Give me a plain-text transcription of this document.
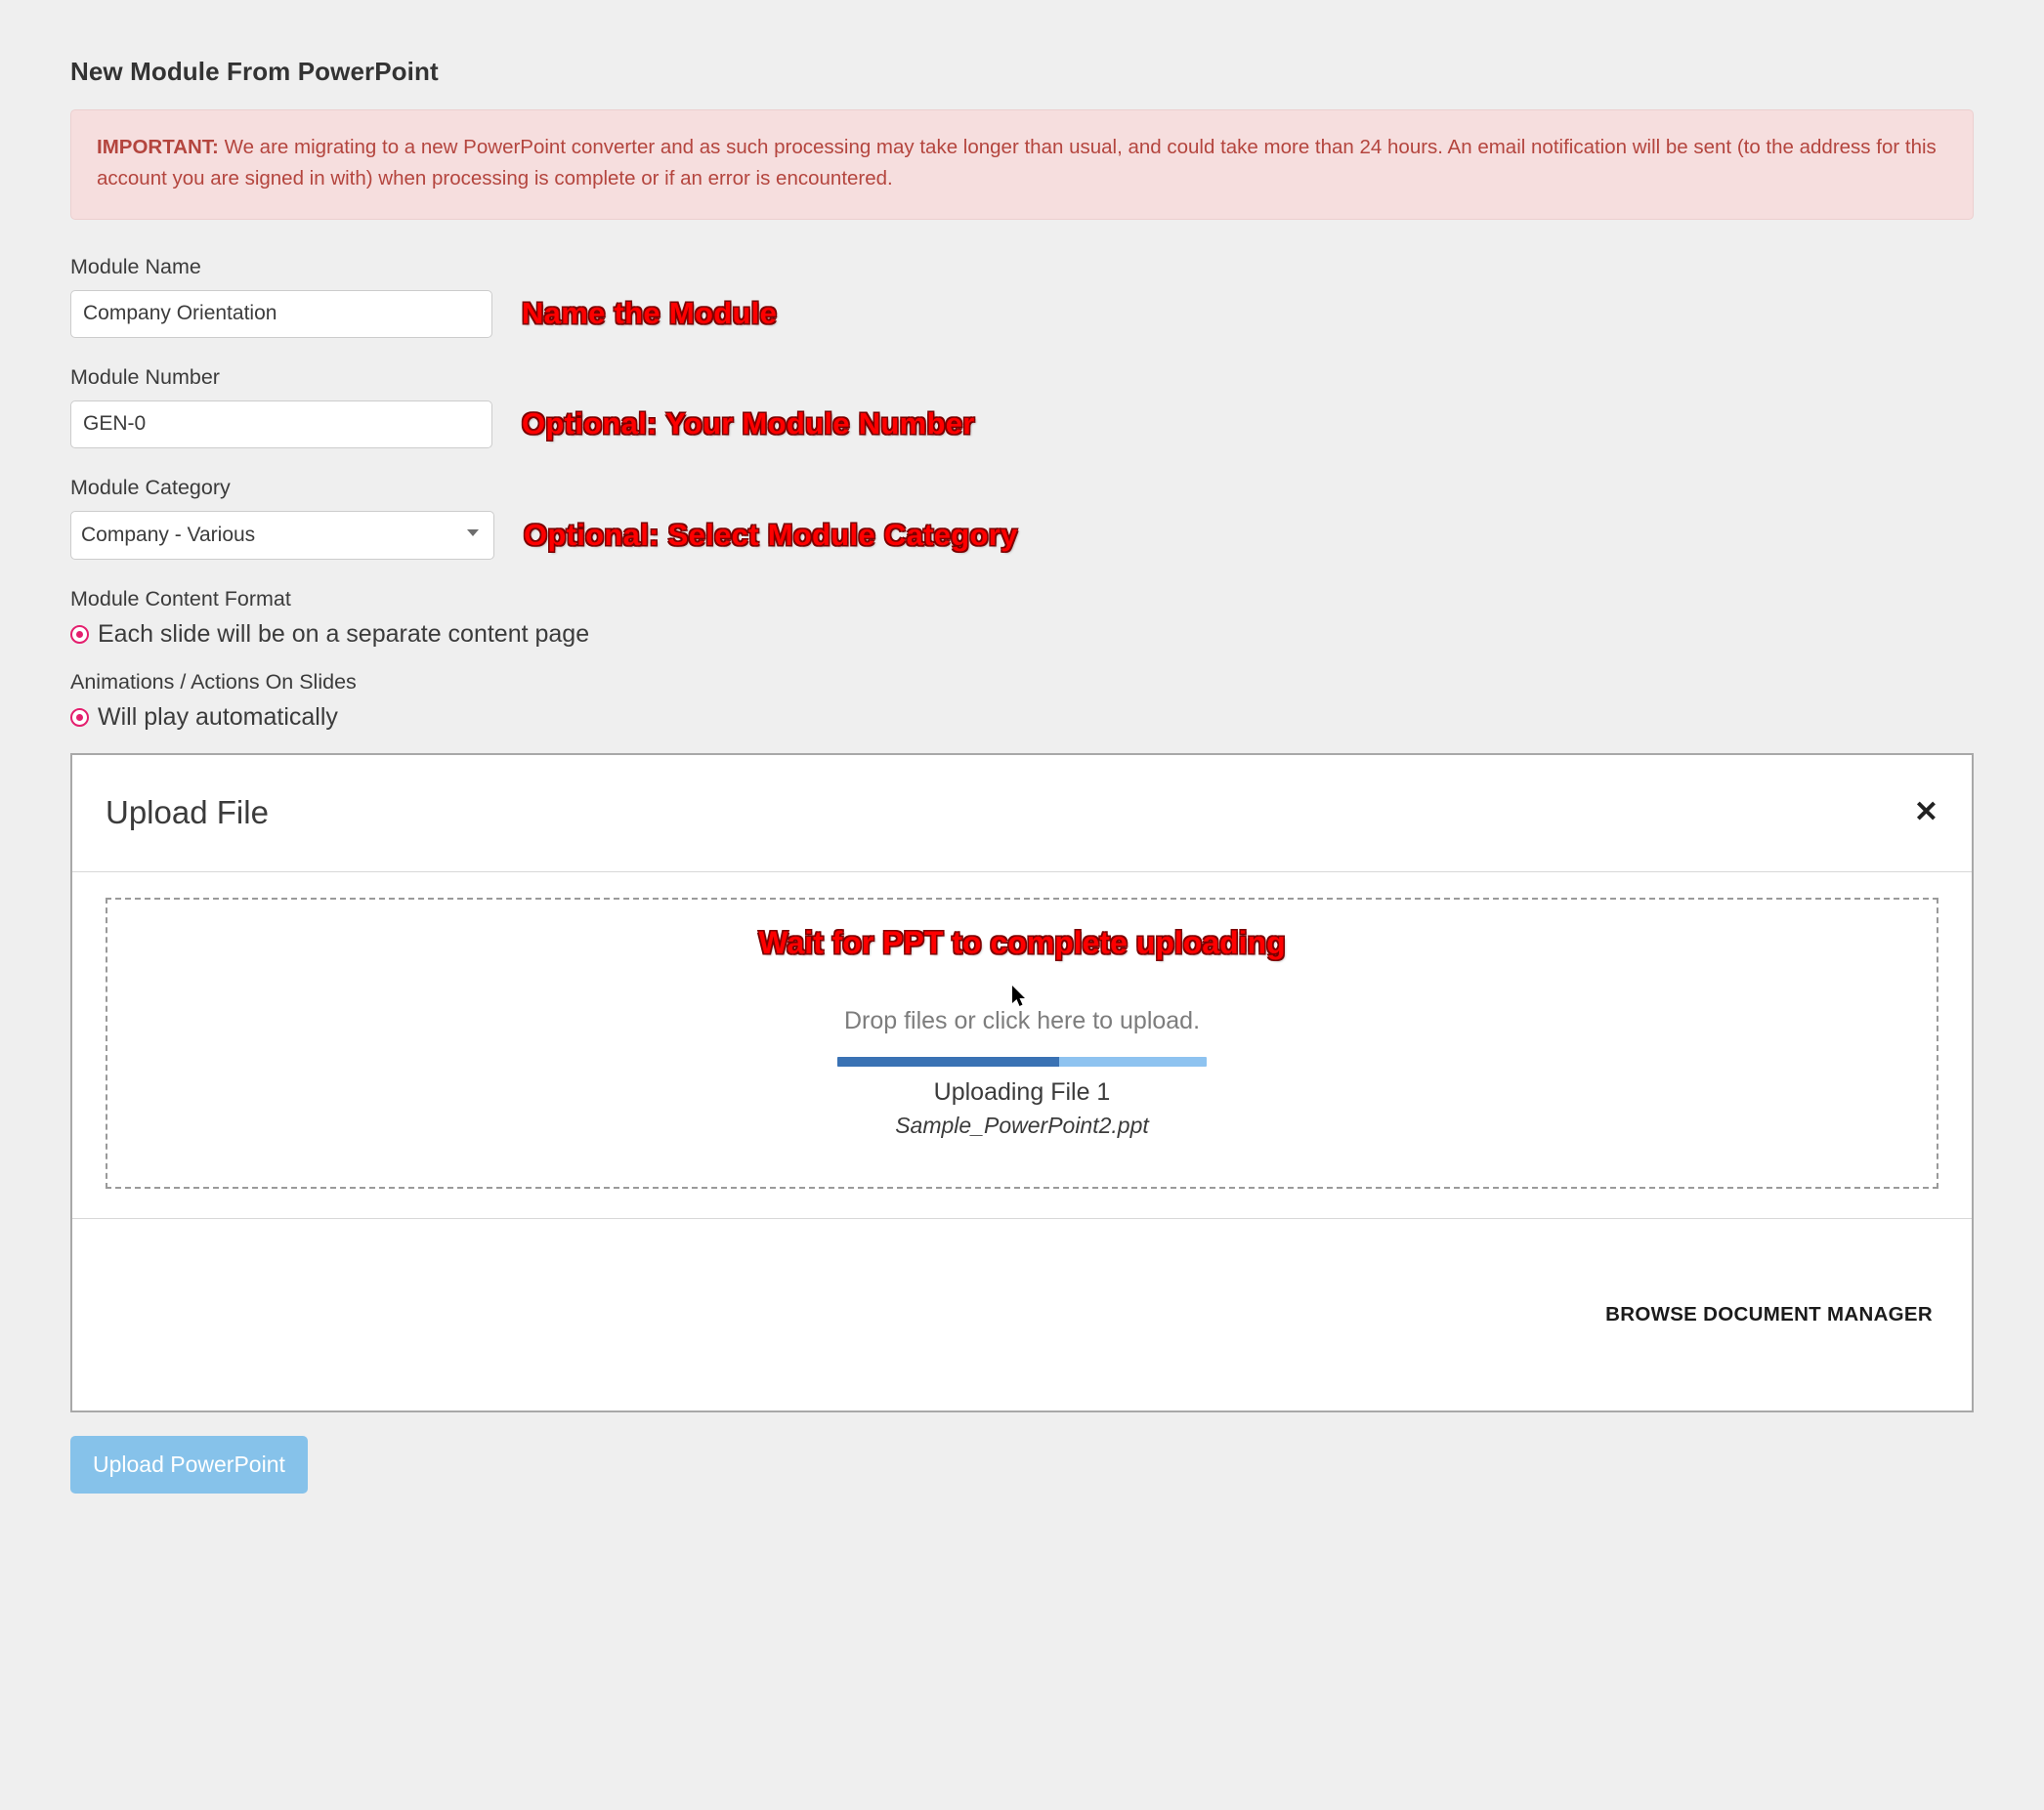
New Module From PowerPoint
IMPORTANT: We are migrating to a new PowerPoint converter and as such processing may take longer than usual, and could take more than 24 hours. An email notification will be sent (to the address for this account you are signed in with) when processing is complete or if an error is encountered.
Module Name
Company Orientation
Name the Module
Module Number
GEN-0
Optional: Your Module Number
Module Category
Company - Various
Optional: Select Module Category
Module Content Format
Each slide will be on a separate content page
Animations / Actions On Slides
Will play automatically
Upload File	✕
Wait for PPT to complete uploading
Drop files or click here to upload.
Uploading File 1
Sample_PowerPoint2.ppt
BROWSE DOCUMENT MANAGER
Upload PowerPoint
